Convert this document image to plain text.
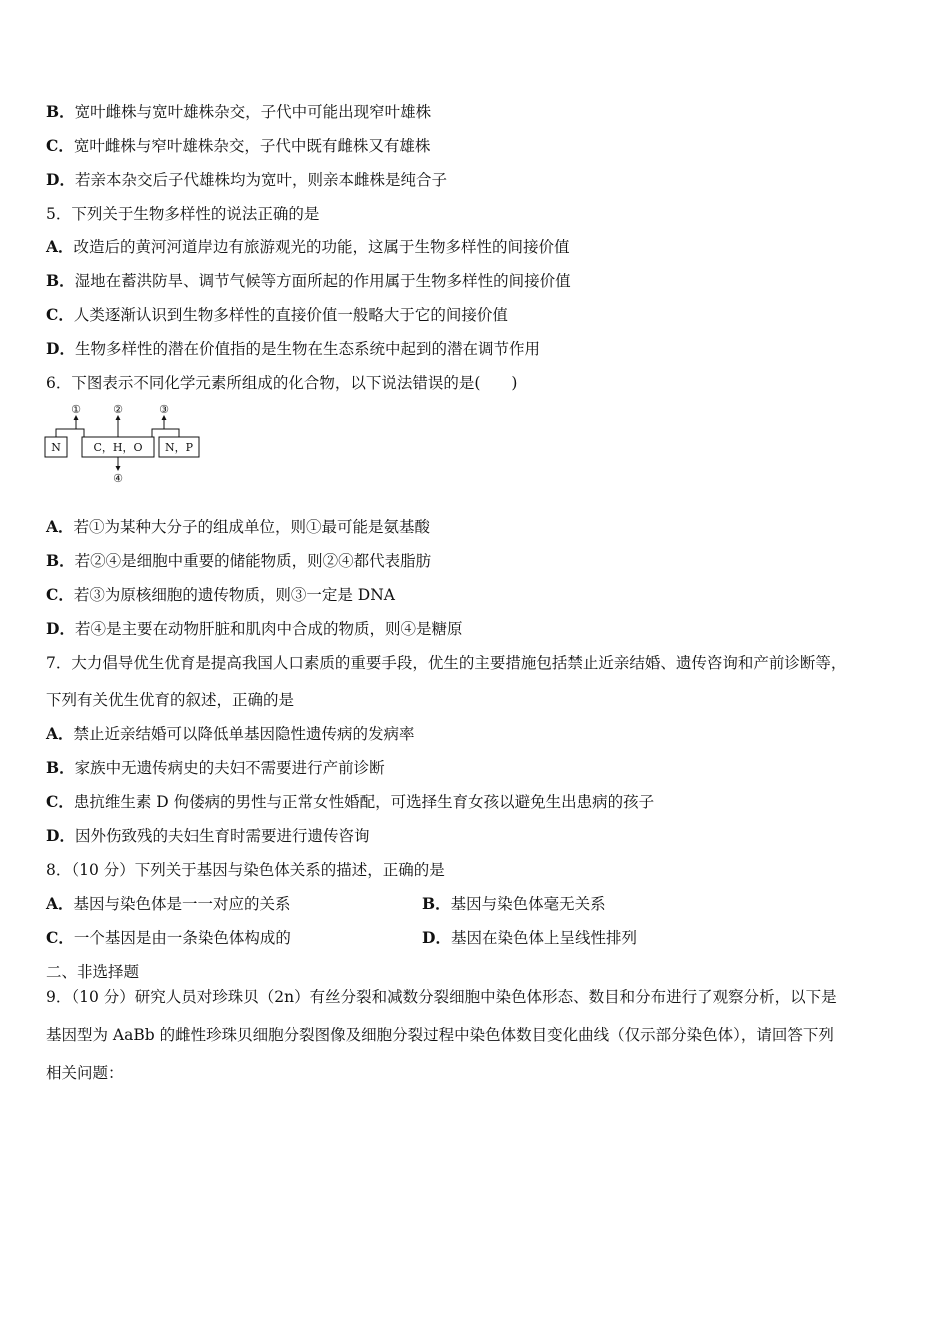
B．宽叶雌株与宽叶雄株杂交，子代中可能出现窄叶雄株
C．宽叶雌株与窄叶雄株杂交，子代中既有雌株又有雄株
D．若亲本杂交后子代雄株均为宽叶，则亲本雌株是纯合子
5．下列关于生物多样性的说法正确的是
A．改造后的黄河河道岸边有旅游观光的功能，这属于生物多样性的间接价值
B．湿地在蓄洪防旱、调节气候等方面所起的作用属于生物多样性的间接价值
C．人类逐渐认识到生物多样性的直接价值一般略大于它的间接价值
D．生物多样性的潜在价值指的是生物在生态系统中起到的潜在调节作用
6．下图表示不同化学元素所组成的化合物，以下说法错误的是(　　)
N	C，H，O N，P
①	②	③
④
A．若①为某种大分子的组成单位，则①最可能是氨基酸
B．若②④是细胞中重要的储能物质，则②④都代表脂肪
C．若③为原核细胞的遗传物质，则③一定是 DNA
D．若④是主要在动物肝脏和肌肉中合成的物质，则④是糖原
7．大力倡导优生优育是提高我国人口素质的重要手段，优生的主要措施包括禁止近亲结婚、遗传咨询和产前诊断等，
下列有关优生优育的叙述，正确的是
A．禁止近亲结婚可以降低单基因隐性遗传病的发病率
B．家族中无遗传病史的夫妇不需要进行产前诊断
C．患抗维生素 D 佝偻病的男性与正常女性婚配，可选择生育女孩以避免生出患病的孩子
D．因外伤致残的夫妇生育时需要进行遗传咨询
8．（10 分）下列关于基因与染色体关系的描述，正确的是
A．基因与染色体是一一对应的关系	B．基因与染色体毫无关系
C．一个基因是由一条染色体构成的	D．基因在染色体上呈线性排列
二、非选择题
9．（10 分）研究人员对珍珠贝（2n）有丝分裂和减数分裂细胞中染色体形态、数目和分布进行了观察分析，以下是
基因型为 AaBb 的雌性珍珠贝细胞分裂图像及细胞分裂过程中染色体数目变化曲线（仅示部分染色体），请回答下列
相关问题：
